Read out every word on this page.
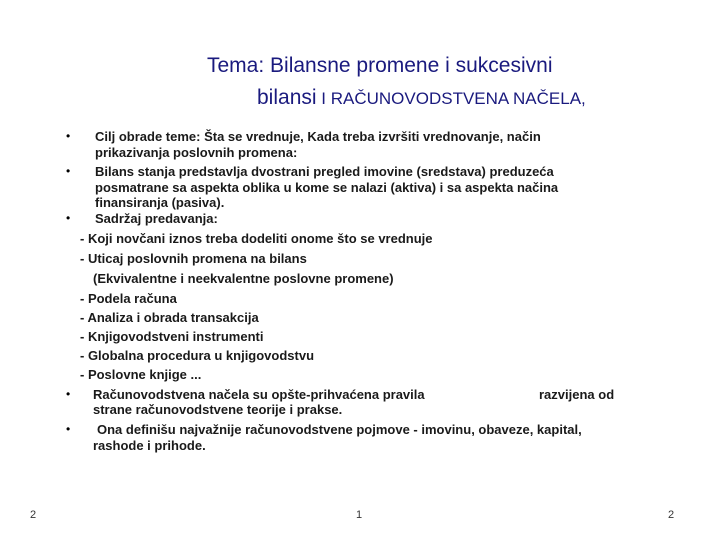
Tema: Bilansne promene i sukcesivni
bilansi I RAČUNOVODSTVENA NAČELA,
•
•
•
•
•
Cilj obrade teme: Šta se vrednuje, Kada treba izvršiti vrednovanje, način
prikazivanja poslovnih promena:
Bilans stanja predstavlja dvostrani pregled imovine (sredstava) preduzeća
posmatrane sa aspekta oblika u kome se nalazi (aktiva) i sa aspekta načina
finansiranja (pasiva).
Sadržaj predavanja:
- Koji novčani iznos treba dodeliti onome što se vrednuje
- Uticaj poslovnih promena na bilans
(Ekvivalentne i neekvalentne poslovne promene)
- Podela računa
- Analiza i obrada transakcija
- Knjigovodstveni instrumenti
- Globalna procedura u knjigovodstvu
- Poslovne knjige ...
Računovodstvena načela su opšte-prihvaćena pravila	razvijena od
strane računovodstvene teorije i prakse.
Ona definišu najvažnije računovodstvene pojmove - imovinu, obaveze, kapital,
rashode i prihode.
2	1	2
